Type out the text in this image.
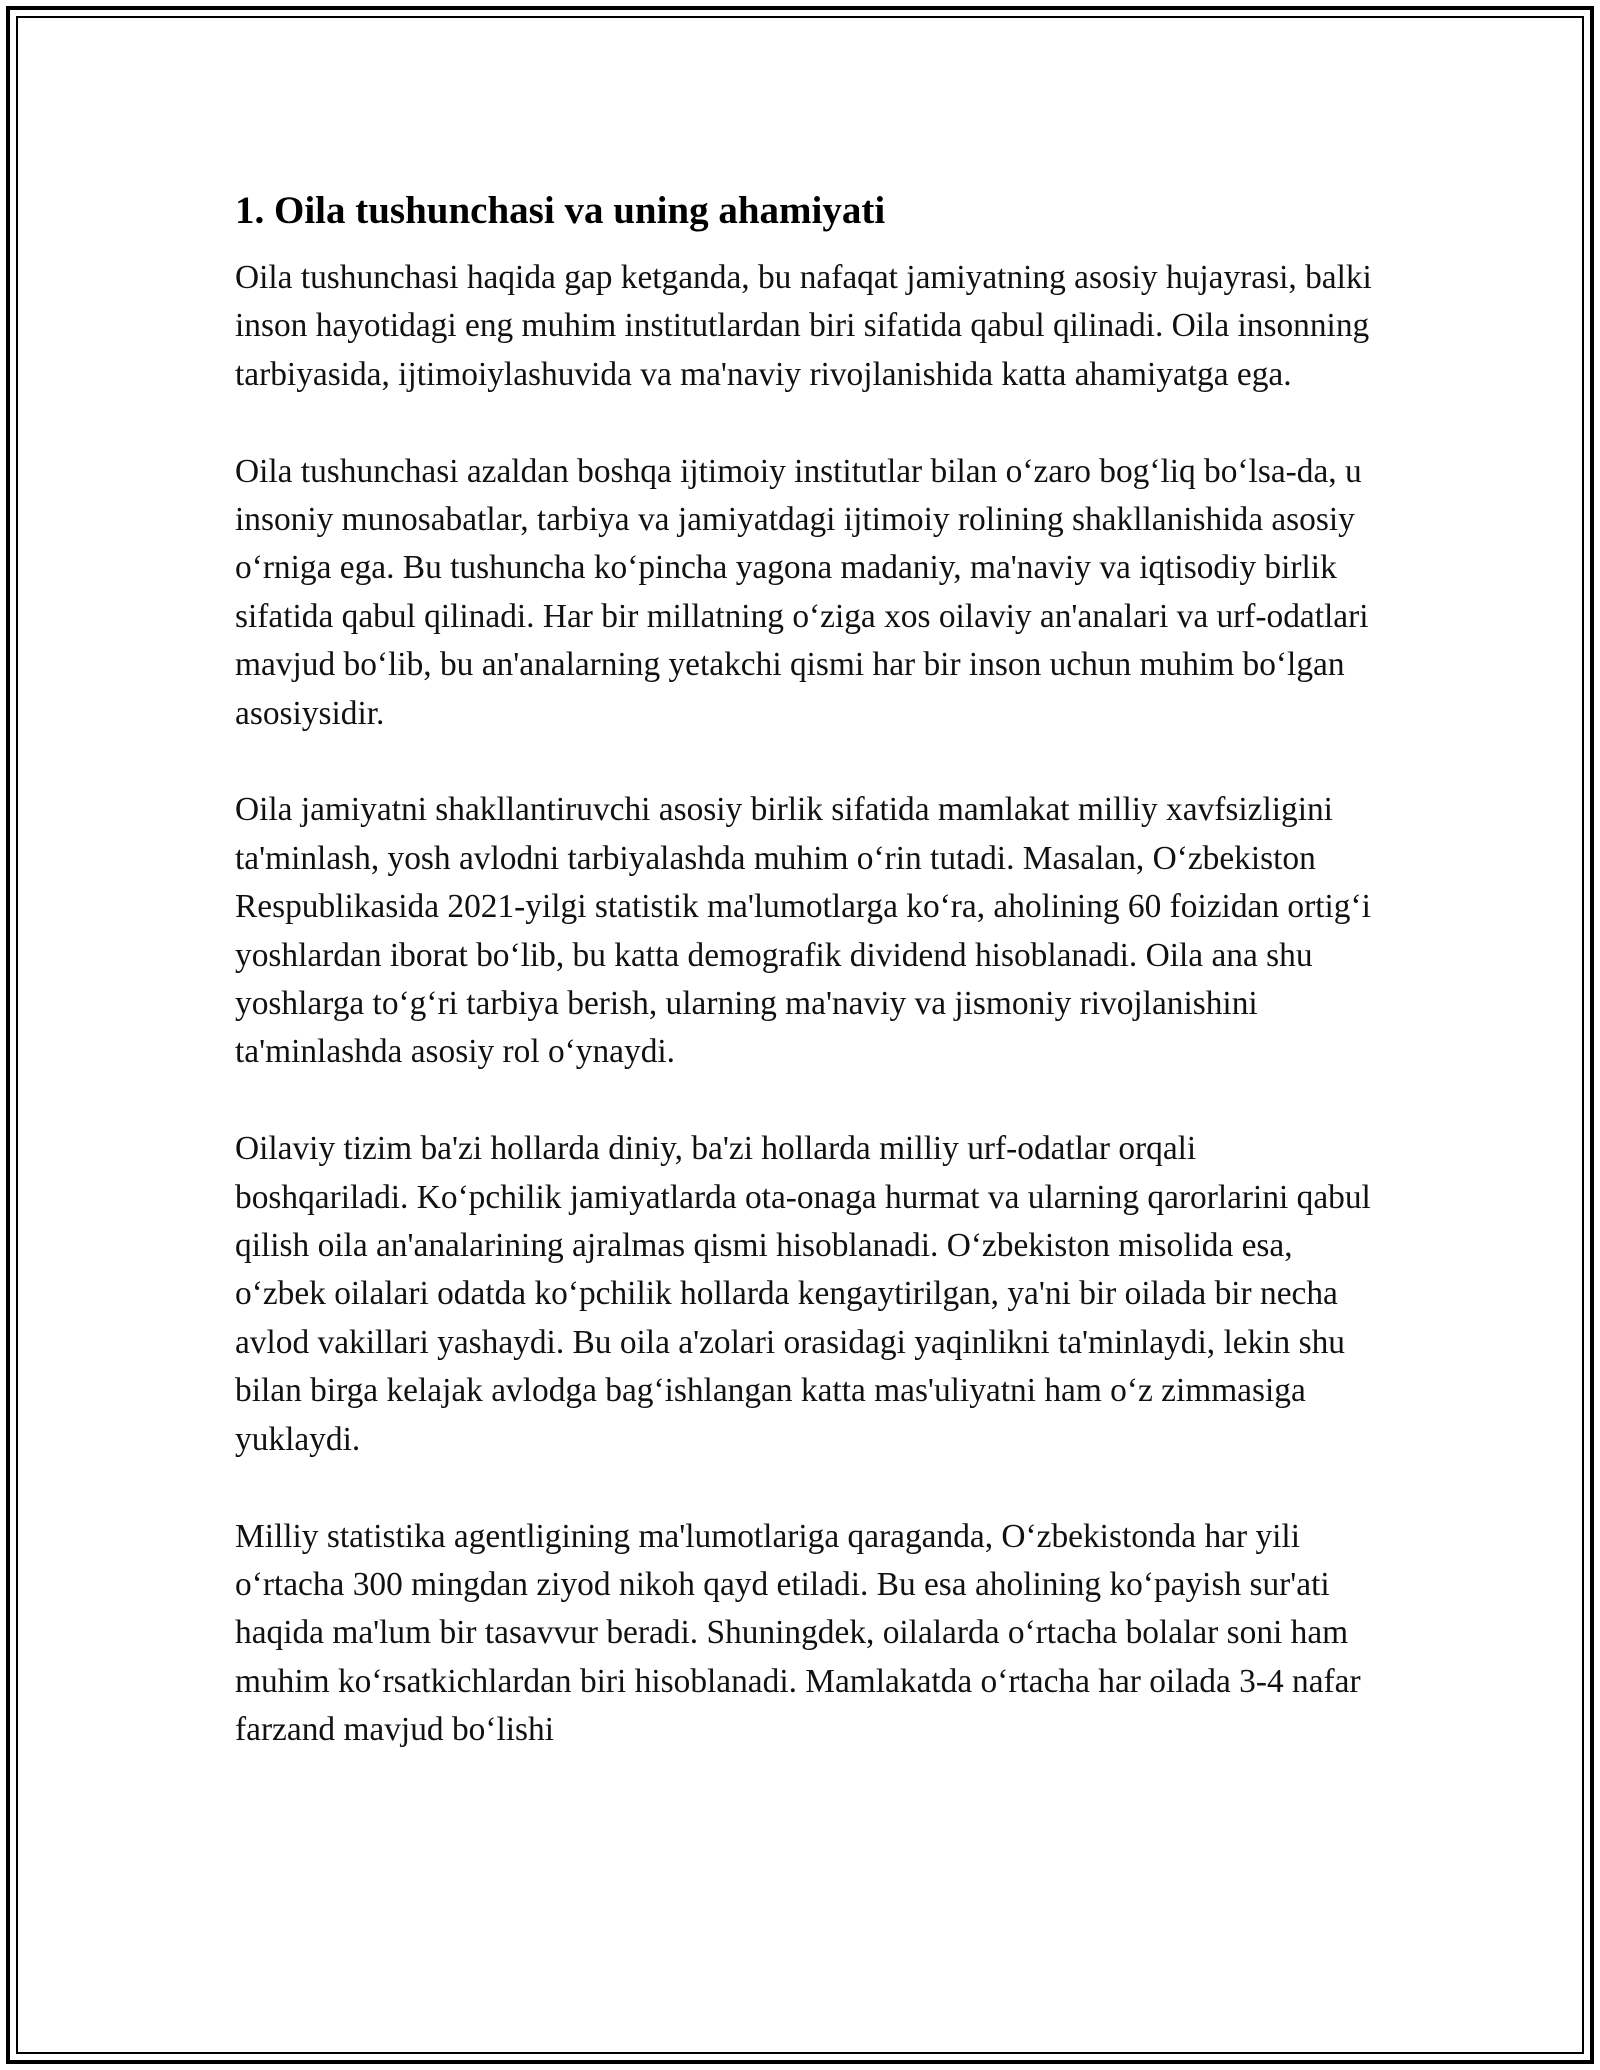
1. Oila tushunchasi va uning ahamiyati

Oila tushunchasi haqida gap ketganda, bu nafaqat jamiyatning asosiy hujayrasi, balki inson hayotidagi eng muhim institutlardan biri sifatida qabul qilinadi. Oila insonning tarbiyasida, ijtimoiylashuvida va ma'naviy rivojlanishida katta ahamiyatga ega.

Oila tushunchasi azaldan boshqa ijtimoiy institutlar bilan o‘zaro bog‘liq bo‘lsa-da, u insoniy munosabatlar, tarbiya va jamiyatdagi ijtimoiy rolining shakllanishida asosiy o‘rniga ega. Bu tushuncha ko‘pincha yagona madaniy, ma'naviy va iqtisodiy birlik sifatida qabul qilinadi. Har bir millatning o‘ziga xos oilaviy an'analari va urf-odatlari mavjud bo‘lib, bu an'analarning yetakchi qismi har bir inson uchun muhim bo‘lgan asosiysidir.

Oila jamiyatni shakllantiruvchi asosiy birlik sifatida mamlakat milliy xavfsizligini ta'minlash, yosh avlodni tarbiyalashda muhim o‘rin tutadi. Masalan, O‘zbekiston Respublikasida 2021-yilgi statistik ma'lumotlarga ko‘ra, aholining 60 foizidan ortig‘i yoshlardan iborat bo‘lib, bu katta demografik dividend hisoblanadi. Oila ana shu yoshlarga to‘g‘ri tarbiya berish, ularning ma'naviy va jismoniy rivojlanishini ta'minlashda asosiy rol o‘ynaydi.

Oilaviy tizim ba'zi hollarda diniy, ba'zi hollarda milliy urf-odatlar orqali boshqariladi. Ko‘pchilik jamiyatlarda ota-onaga hurmat va ularning qarorlarini qabul qilish oila an'analarining ajralmas qismi hisoblanadi. O‘zbekiston misolida esa, o‘zbek oilalari odatda ko‘pchilik hollarda kengaytirilgan, ya'ni bir oilada bir necha avlod vakillari yashaydi. Bu oila a'zolari orasidagi yaqinlikni ta'minlaydi, lekin shu bilan birga kelajak avlodga bag‘ishlangan katta mas'uliyatni ham o‘z zimmasiga yuklaydi.

Milliy statistika agentligining ma'lumotlariga qaraganda, O‘zbekistonda har yili o‘rtacha 300 mingdan ziyod nikoh qayd etiladi. Bu esa aholining ko‘payish sur'ati haqida ma'lum bir tasavvur beradi. Shuningdek, oilalarda o‘rtacha bolalar soni ham muhim ko‘rsatkichlardan biri hisoblanadi. Mamlakatda o‘rtacha har oilada 3-4 nafar farzand mavjud bo‘lishi
